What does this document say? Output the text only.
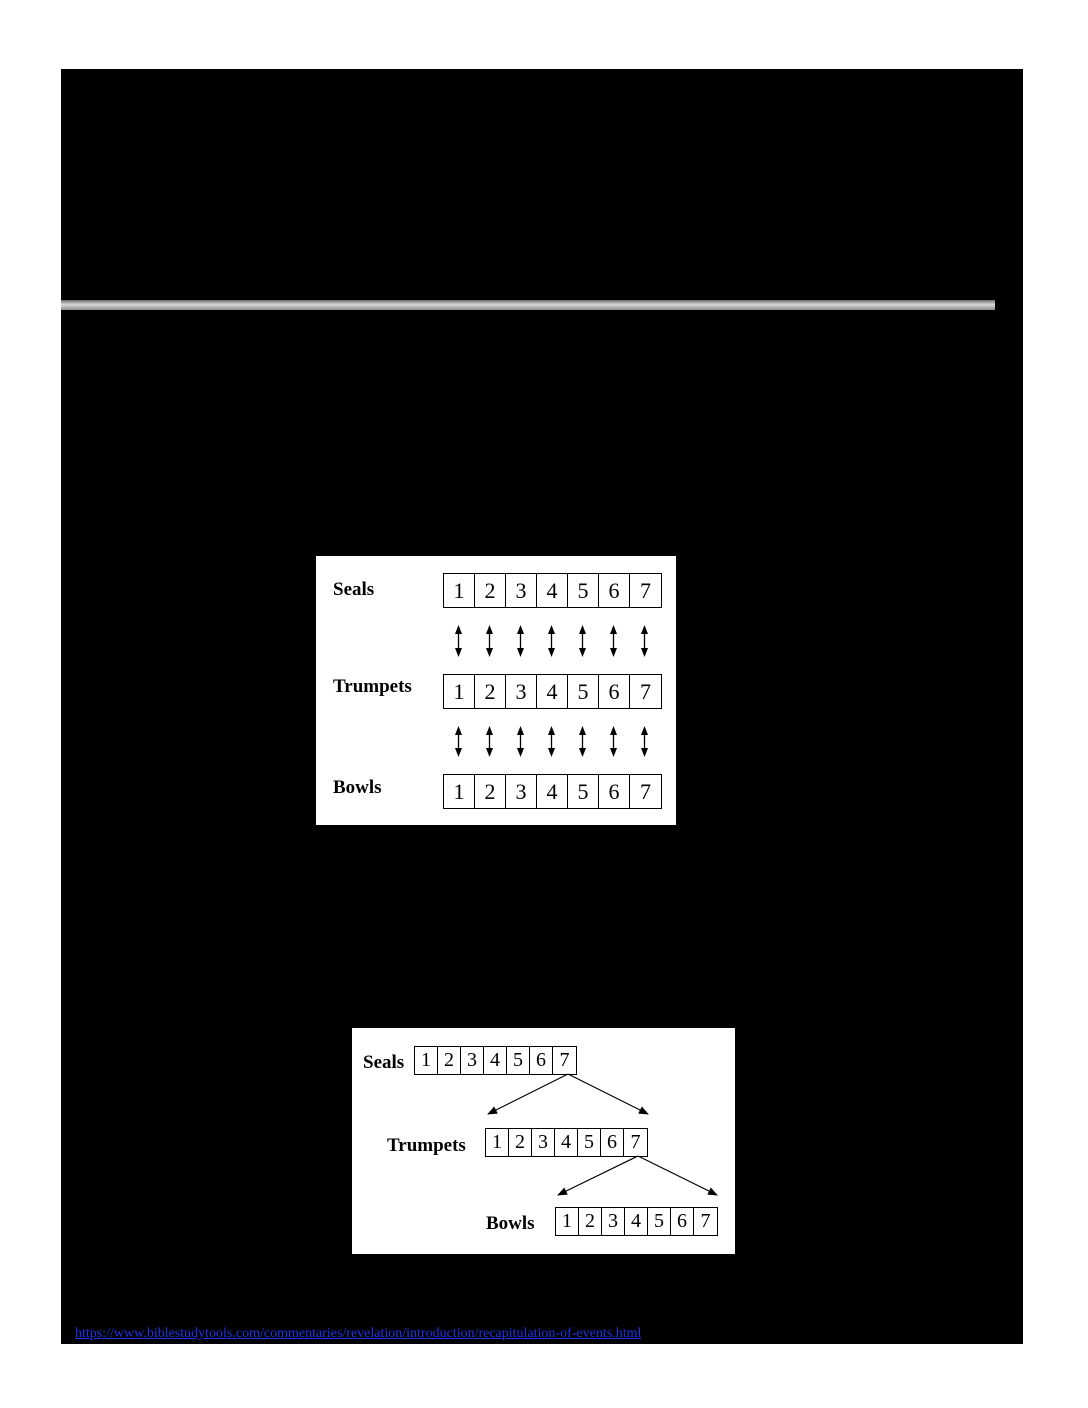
Seals	1 2 3 4 5 6 7
Trumpets	1 2 3 4 5 6 7
Bowls	1 2 3 4 5 6 7
Seals 1 2 3 4 5 6 7
Trumpets	1 2 3 4 5 6 7
Bowls	1 2 3 4 5 6 7
https://www.biblestudytools.com/commentaries/revelation/introduction/recapitulation-of-events.html
